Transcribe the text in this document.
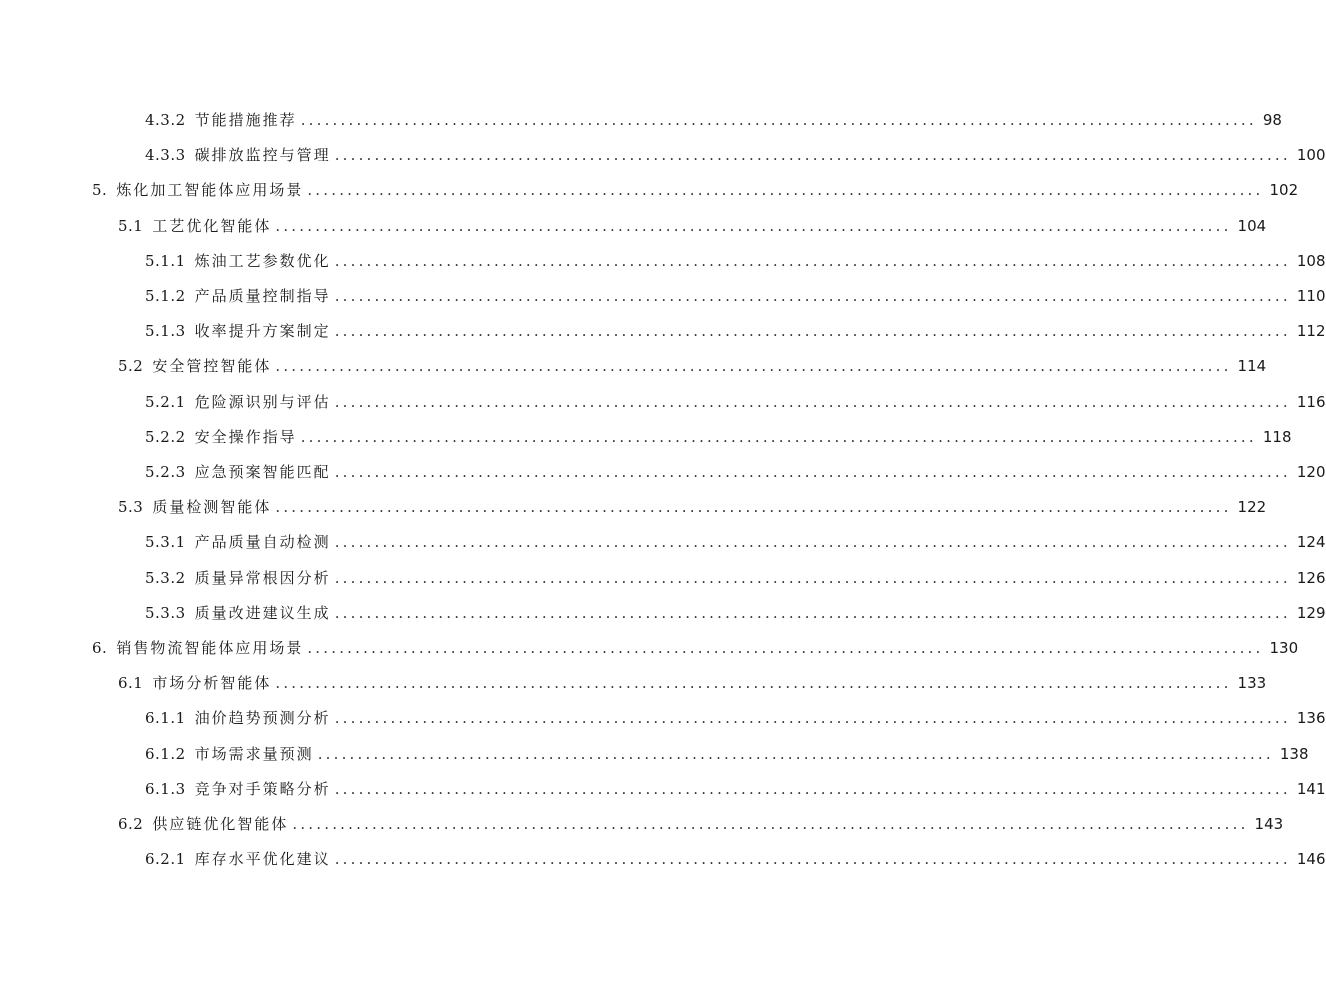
4.3.2 节能措施推荐 ........................................................................................................................ 98
4.3.3 碳排放监控与管理 ........................................................................................................................ 100
5. 炼化加工智能体应用场景 ........................................................................................................................ 102
5.1 工艺优化智能体 ........................................................................................................................ 104
5.1.1 炼油工艺参数优化 ........................................................................................................................ 108
5.1.2 产品质量控制指导 ........................................................................................................................ 110
5.1.3 收率提升方案制定 ........................................................................................................................ 112
5.2 安全管控智能体 ........................................................................................................................ 114
5.2.1 危险源识别与评估 ........................................................................................................................ 116
5.2.2 安全操作指导 ........................................................................................................................ 118
5.2.3 应急预案智能匹配 ........................................................................................................................ 120
5.3 质量检测智能体 ........................................................................................................................ 122
5.3.1 产品质量自动检测 ........................................................................................................................ 124
5.3.2 质量异常根因分析 ........................................................................................................................ 126
5.3.3 质量改进建议生成 ........................................................................................................................ 129
6. 销售物流智能体应用场景 ........................................................................................................................ 130
6.1 市场分析智能体 ........................................................................................................................ 133
6.1.1 油价趋势预测分析 ........................................................................................................................ 136
6.1.2 市场需求量预测 ........................................................................................................................ 138
6.1.3 竞争对手策略分析 ........................................................................................................................ 141
6.2 供应链优化智能体 ........................................................................................................................ 143
6.2.1 库存水平优化建议 ........................................................................................................................ 146
